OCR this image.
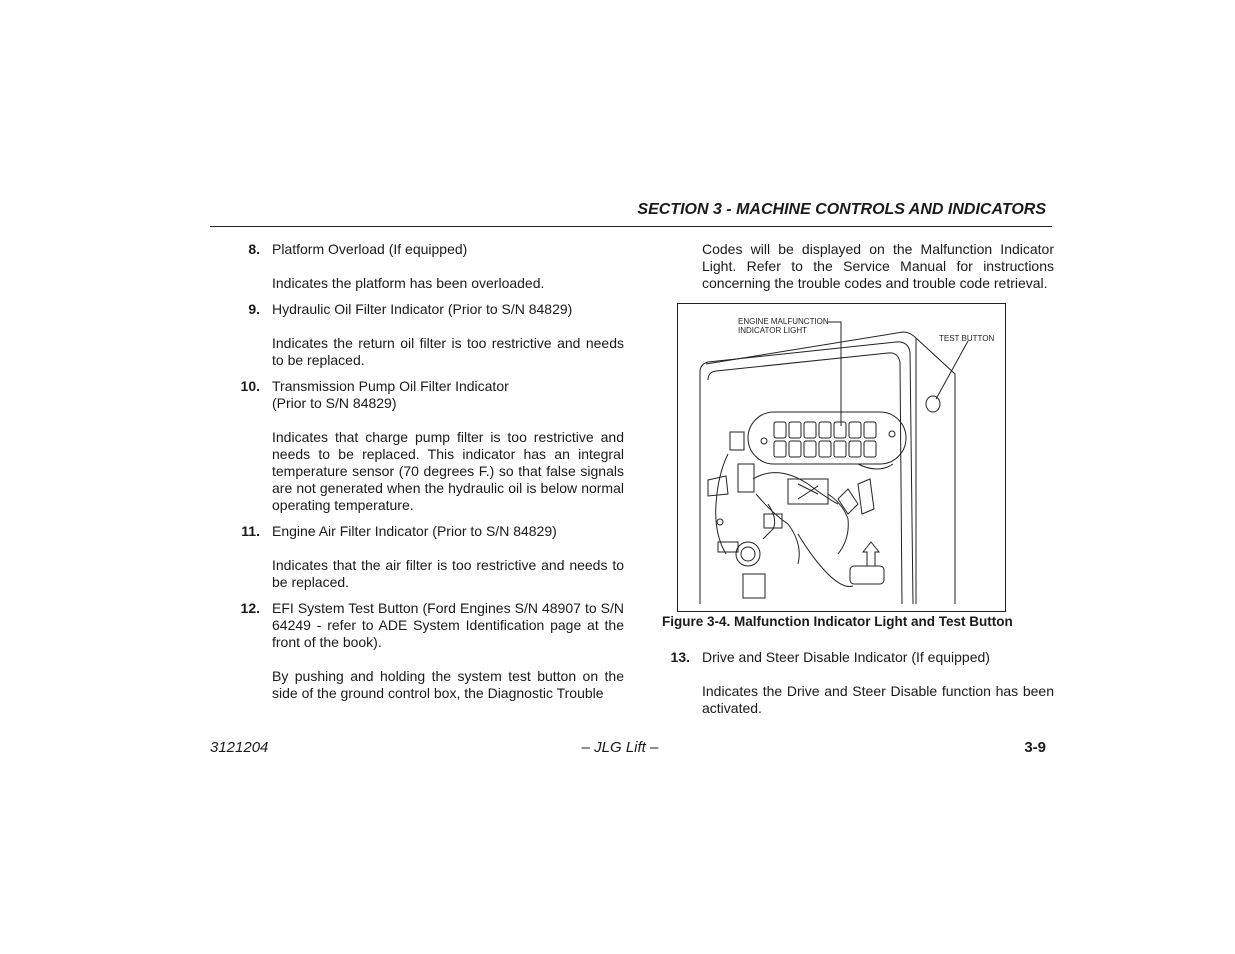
SECTION 3 - MACHINE CONTROLS AND INDICATORS
8. Platform Overload (If equipped)

Indicates the platform has been overloaded.

9. Hydraulic Oil Filter Indicator (Prior to S/N 84829)

Indicates the return oil filter is too restrictive and needs to be replaced.

10. Transmission Pump Oil Filter Indicator

(Prior to S/N 84829)

Indicates that charge pump filter is too restrictive and needs to be replaced. This indicator has an integral temperature sensor (70 degrees F.) so that false signals are not generated when the hydraulic oil is below normal operating temperature.

11. Engine Air Filter Indicator (Prior to S/N 84829)

Indicates that the air filter is too restrictive and needs to be replaced.

12. EFI System Test Button (Ford Engines S/N 48907 to S/N 64249 - refer to ADE System Identification page at the front of the book).

By pushing and holding the system test button on the side of the ground control box, the Diagnostic Trouble

Codes will be displayed on the Malfunction Indicator Light. Refer to the Service Manual for instructions concerning the trouble codes and trouble code retrieval.

ENGINE MALFUNCTION
INDICATOR LIGHT
TEST BUTTON
Figure 3-4. Malfunction Indicator Light and Test Button
13. Drive and Steer Disable Indicator (If equipped)

Indicates the Drive and Steer Disable function has been activated.

3121204	– JLG Lift –	3-9
